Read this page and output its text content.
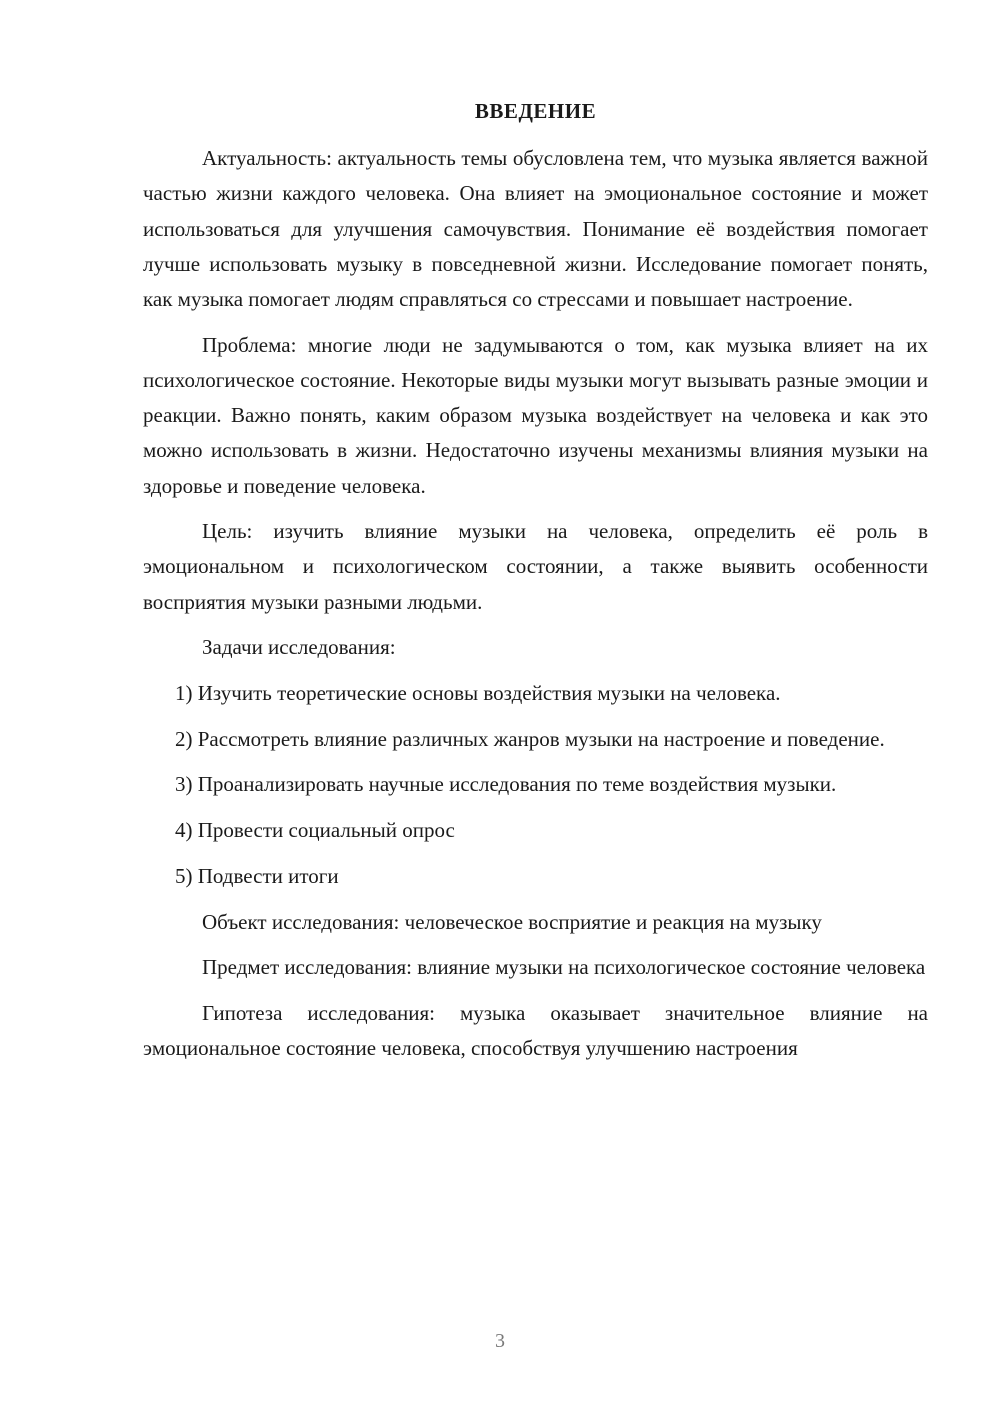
ВВЕДЕНИЕ

Актуальность: актуальность темы обусловлена тем, что музыка является важной частью жизни каждого человека. Она влияет на эмоциональное состояние и может использоваться для улучшения самочувствия. Понимание её воздействия помогает лучше использовать музыку в повседневной жизни. Исследование помогает понять, как музыка помогает людям справляться со стрессами и повышает настроение.

Проблема: многие люди не задумываются о том, как музыка влияет на их психологическое состояние. Некоторые виды музыки могут вызывать разные эмоции и реакции. Важно понять, каким образом музыка воздействует на человека и как это можно использовать в жизни. Недостаточно изучены механизмы влияния музыки на здоровье и поведение человека.

Цель: изучить влияние музыки на человека, определить её роль в эмоциональном и психологическом состоянии, а также выявить особенности восприятия музыки разными людьми.

Задачи исследования:

1) Изучить теоретические основы воздействия музыки на человека.

2) Рассмотреть влияние различных жанров музыки на настроение и поведение.

3) Проанализировать научные исследования по теме воздействия музыки.

4) Провести социальный опрос

5) Подвести итоги

Объект исследования: человеческое восприятие и реакция на музыку

Предмет исследования: влияние музыки на психологическое состояние человека

Гипотеза исследования: музыка оказывает значительное влияние на эмоциональное состояние человека, способствуя улучшению настроения

3
